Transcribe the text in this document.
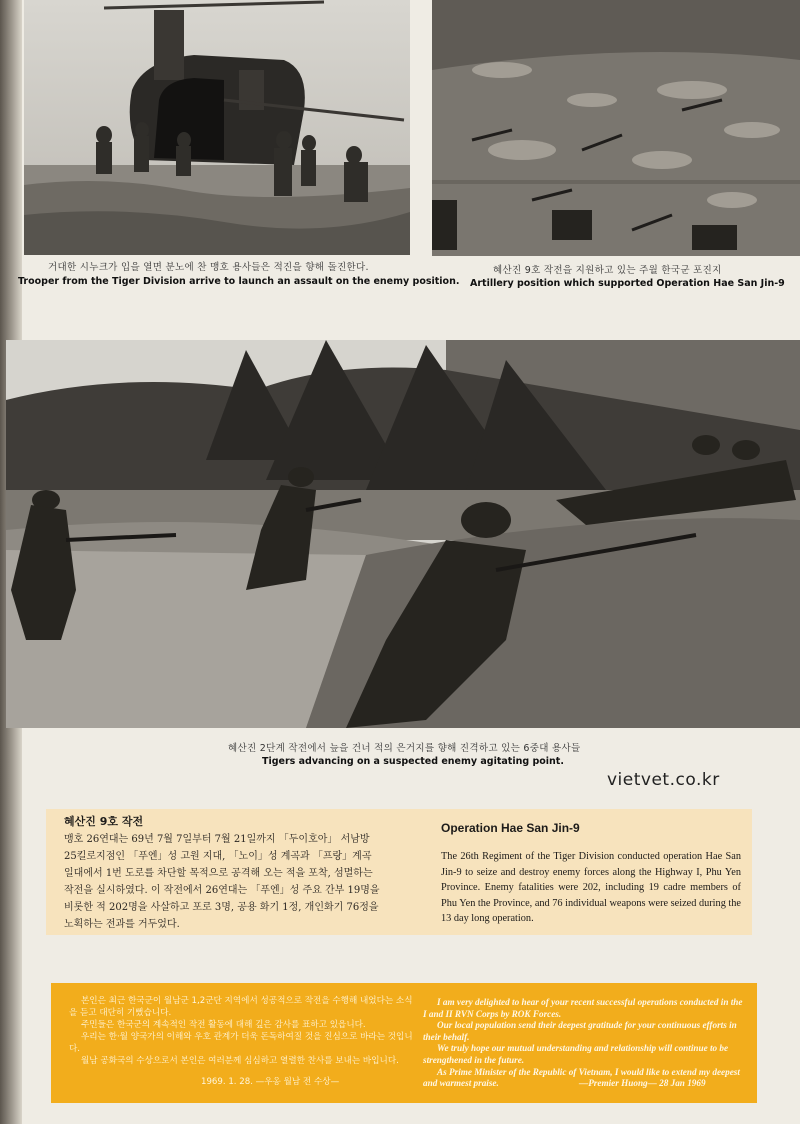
거대한 시누크가 입을 열면 분노에 찬 맹호 용사들은 적진을 향해 돌진한다.
Trooper from the Tiger Division arrive to launch an assault on the enemy position.
혜산진 9호 작전을 지원하고 있는 주월 한국군 포진지
Artillery position which supported Operation Hae San Jin-9
혜산진 2단계 작전에서 늪을 건너 적의 은거지를 향해 진격하고 있는 6중대 용사들
Tigers advancing on a suspected enemy agitating point.
vietvet.co.kr
혜산진 9호 작전
맹호 26연대는 69년 7월 7일부터 7월 21일까지 「두이호아」 서남방 25킬로지점인 「푸엔」성 고원 지대, 「노이」성 계곡과 「프랑」계곡 일대에서 1번 도로를 차단할 목적으로 공격해 오는 적을 포착, 섬멸하는 작전을 실시하였다. 이 작전에서 26연대는 「푸엔」성 주요 간부 19명을 비롯한 적 202명을 사살하고 포로 3명, 공용 화기 1정, 개인화기 76정을 노획하는 전과를 거두었다.
Operation Hae San Jin-9
The 26th Regiment of the Tiger Division conducted operation Hae San Jin-9 to seize and destroy enemy forces along the Highway I, Phu Yen Province. Enemy fatalities were 202, including 19 cadre members of Phu Yen the Province, and 76 individual weapons were seized during the 13 day long operation.

본인은 최근 한국군이 월남군 1,2군단 지역에서 성공적으로 작전을 수행해 내었다는 소식을 듣고 대단히 기뻤습니다.

주민들은 한국군의 계속적인 작전 활동에 대해 깊은 감사를 표하고 있읍니다.

우리는 한·월 양국가의 이해와 우호 관계가 더욱 돈독하여질 것을 진심으로 바라는 것입니다.

월남 공화국의 수상으로서 본인은 여러분께 심심하고 열렬한 찬사를 보내는 바입니다.

1969. 1. 28. —우옹 월남 전 수상—

I am very delighted to hear of your recent successful operations conducted in the I and II RVN Corps by ROK Forces.

Our local population send their deepest gratitude for your continuous efforts in their behalf.

We truly hope our mutual understanding and relationship will continue to be strengthened in the future.

As Prime Minister of the Republic of Vietnam, I would like to extend my deepest and warmest praise.	—Premier Huong— 28 Jan 1969
